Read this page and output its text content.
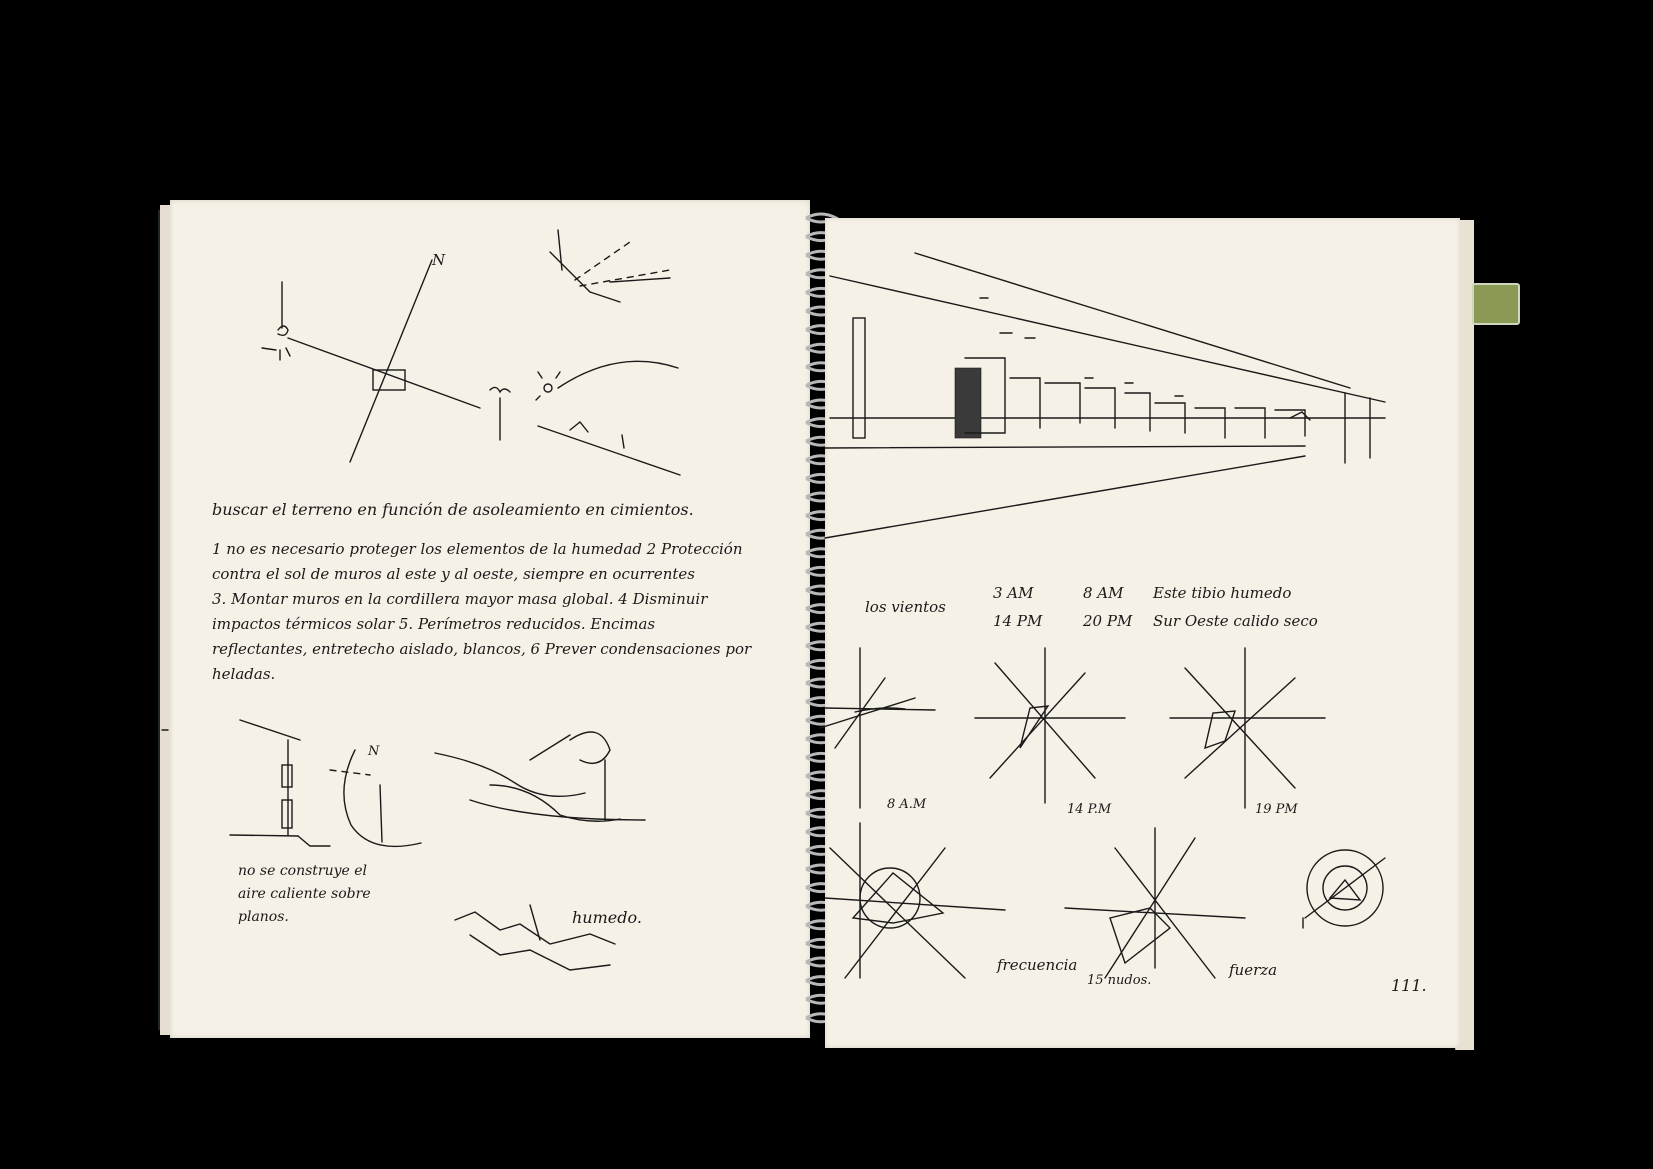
N
N
buscar el terreno en función de asoleamiento en cimientos.
1 no es necesario proteger los elementos de la humedad 2 Protección
contra el sol de muros al este y al oeste, siempre en ocurrentes
3. Montar muros en la cordillera mayor masa global. 4 Disminuir
impactos térmicos solar 5. Perímetros reducidos. Encimas
reflectantes, entretecho aislado, blancos, 6 Prever condensaciones por
heladas.
no se construye el
aire caliente sobre
planos.	humedo.
los vientos
3 AM	8 AM Este tibio humedo
14 PM	20 PM Sur Oeste calido seco
8 A.M	14 P.M	19 PM
frecuencia
15 nudos.
fuerza
111.
